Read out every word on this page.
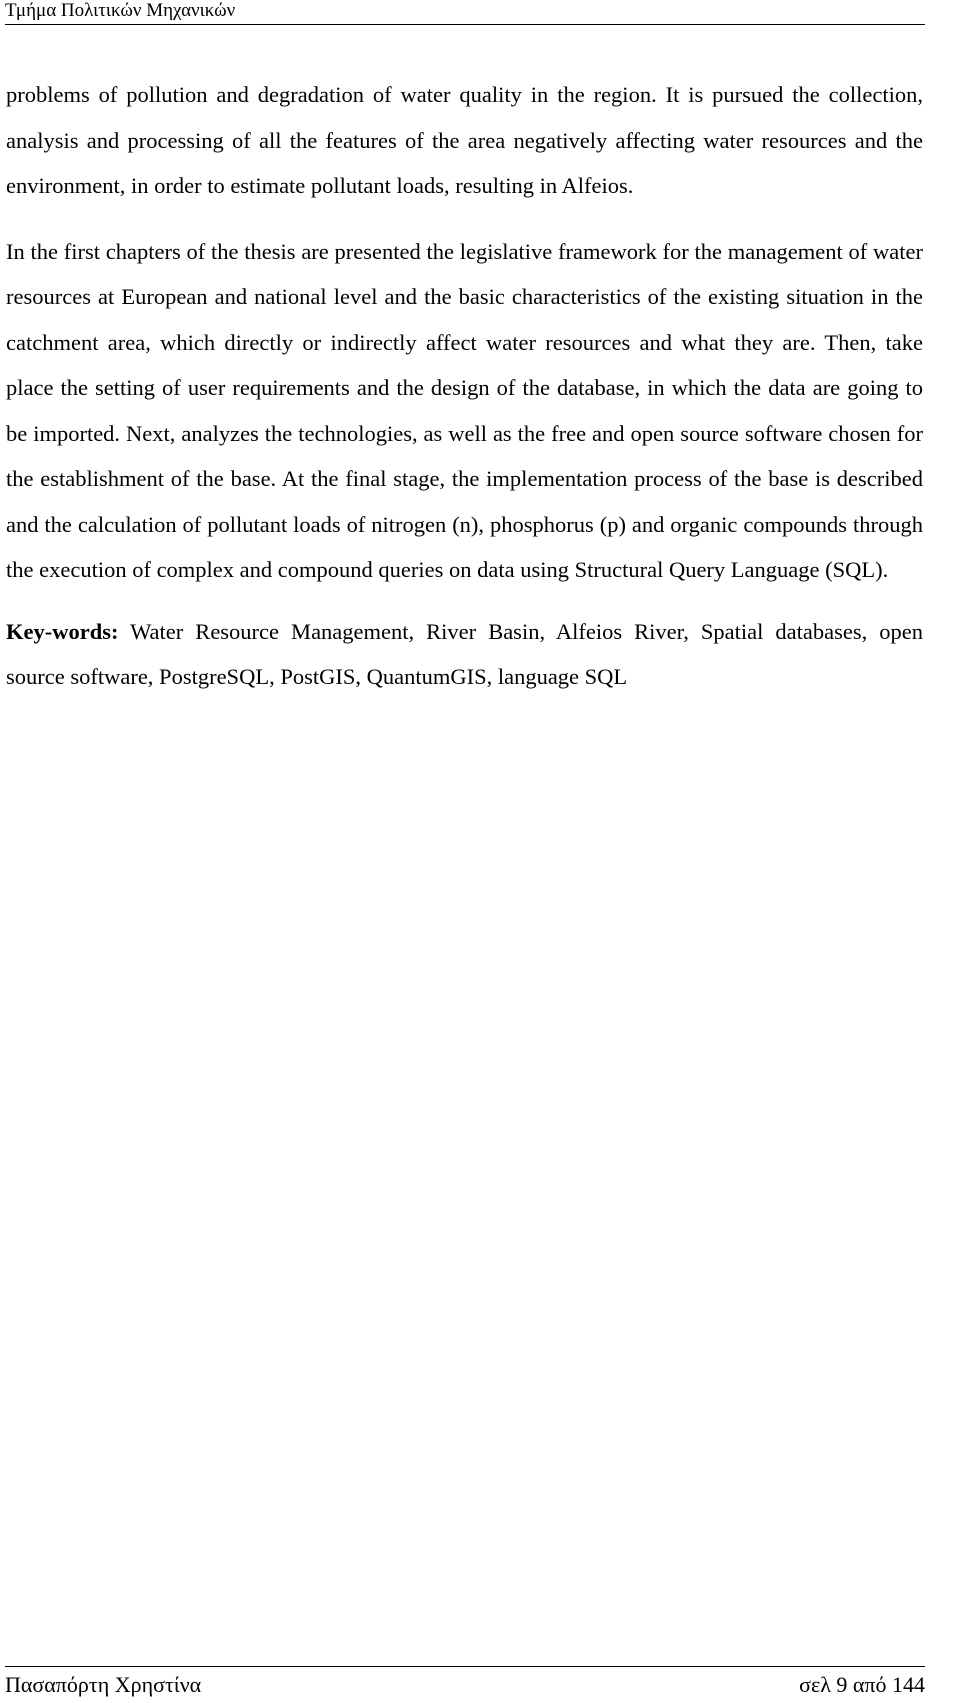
Τμήμα Πολιτικών Μηχανικών

problems of pollution and degradation of water quality in the region. It is pursued the collection, analysis and processing of all the features of the area negatively affecting water resources and the environment, in order to estimate pollutant loads, resulting in Alfeios.

In the first chapters of the thesis are presented the legislative framework for the management of water resources at European and national level and the basic characteristics of the existing situation in the catchment area, which directly or indirectly affect water resources and what they are. Then, take place the setting of user requirements and the design of the database, in which the data are going to be imported. Next, analyzes the technologies, as well as the free and open source software chosen for the establishment of the base. At the final stage, the implementation process of the base is described and the calculation of pollutant loads of nitrogen (n), phosphorus (p) and organic compounds through the execution of complex and compound queries on data using Structural Query Language (SQL).

Key-words: Water Resource Management, River Basin, Alfeios River, Spatial databases, open source software, PostgreSQL, PostGIS, QuantumGIS, language SQL

Πασαπόρτη Χρηστίνα	σελ 9 από 144
